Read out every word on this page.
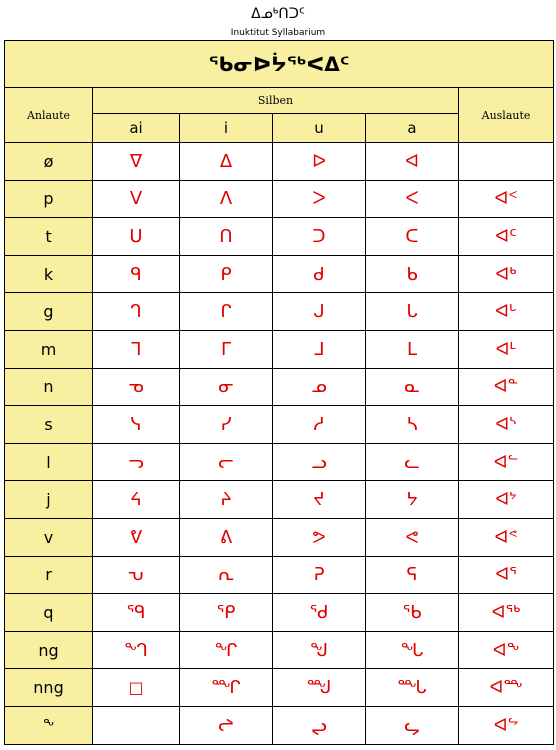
ᐃᓄᒃᑎᑐᑦ
Inuktitut Syllabarium
ᖃᓂᐅᔮᖅᐸᐃᑦ					
Anlaute	Silben				Auslaute
	ai	i	u	a	
ø	ᐁ	ᐃ	ᐅ	ᐊ	
p	ᐯ	ᐱ	ᐳ	ᐸ	ᐊᑉ
t	ᑌ	ᑎ	ᑐ	ᑕ	ᐊᑦ
k	ᑫ	ᑭ	ᑯ	ᑲ	ᐊᒃ
g	ᒉ	ᒋ	ᒍ	ᒐ	ᐊᒡ
m	ᒣ	ᒥ	ᒧ	ᒪ	ᐊᒻ
n	ᓀ	ᓂ	ᓄ	ᓇ	ᐊᓐ
s	ᓭ	ᓯ	ᓱ	ᓴ	ᐊᔅ
l	ᓓ	ᓕ	ᓗ	ᓚ	ᐊᓪ
j	ᔦ	ᔨ	ᔪ	ᔭ	ᐊᔾ
v	ᕓ	ᕕ	ᕗ	ᕙ	ᐊᕝ
r	ᕃ	ᕆ	ᕈ	ᕋ	ᐊᕐ
q	ᙯ	ᕿ	ᖁ	ᖃ	ᐊᖅ
ng	ᙰ	ᖏ	ᖑ	ᖓ	ᐊᖕ
nng	□	ᙱ	ᙳ	ᙵ	ᐊᖖ
ᖕ		ᖠ	ᖢ	ᖤ	ᐊᖦ
